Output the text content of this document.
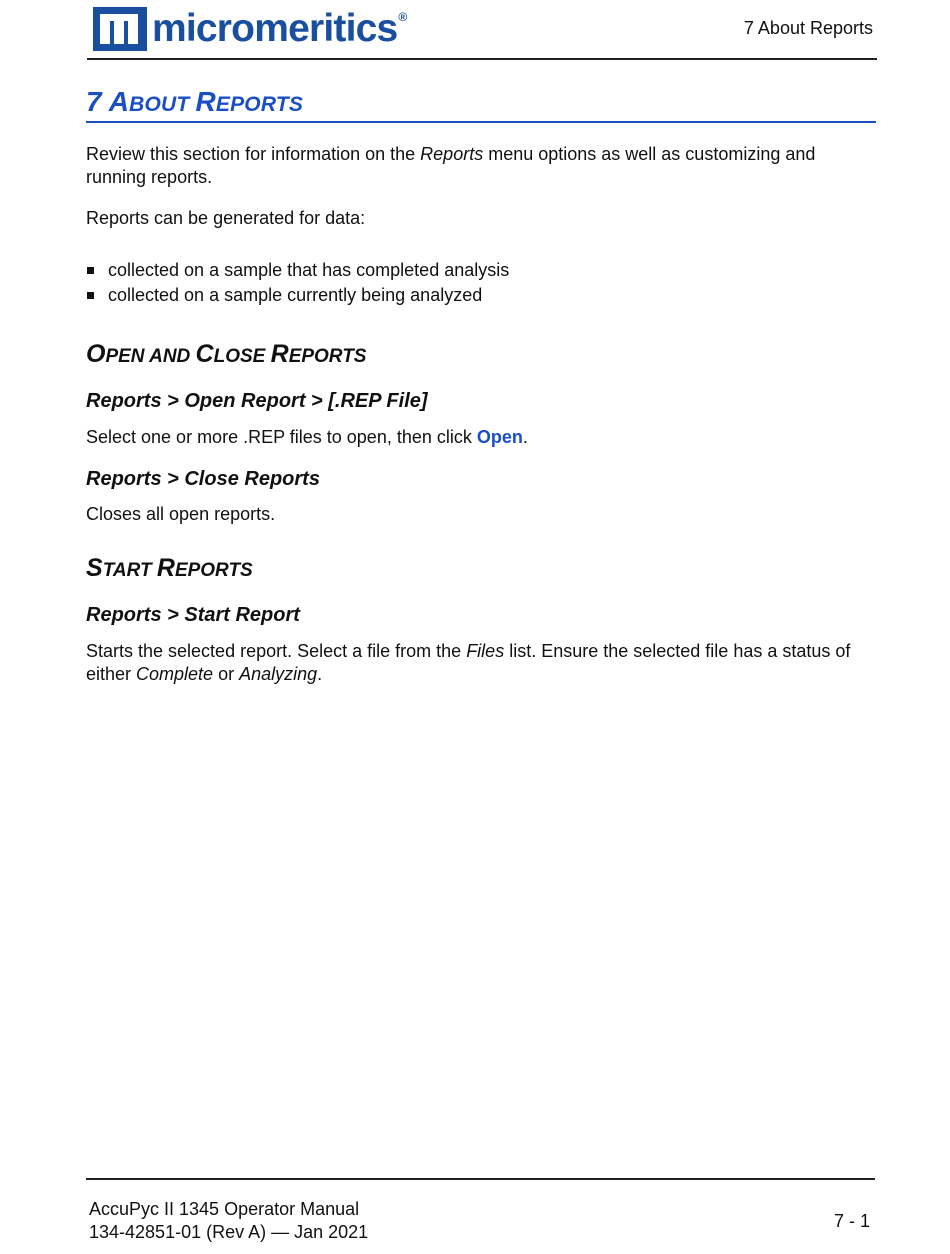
micromeritics®
7 About Reports
7 ABOUT REPORTS
Review this section for information on the Reports menu options as well as customizing and running reports.
Reports can be generated for data:
collected on a sample that has completed analysis
collected on a sample currently being analyzed
OPEN AND CLOSE REPORTS
Reports > Open Report > [.REP File]
Select one or more .REP files to open, then click Open.
Reports > Close Reports
Closes all open reports.
START REPORTS
Reports > Start Report
Starts the selected report. Select a file from the Files list. Ensure the selected file has a status of either Complete or Analyzing.
AccuPyc II 1345 Operator Manual
134-42851-01 (Rev A) — Jan 2021
7 - 1
